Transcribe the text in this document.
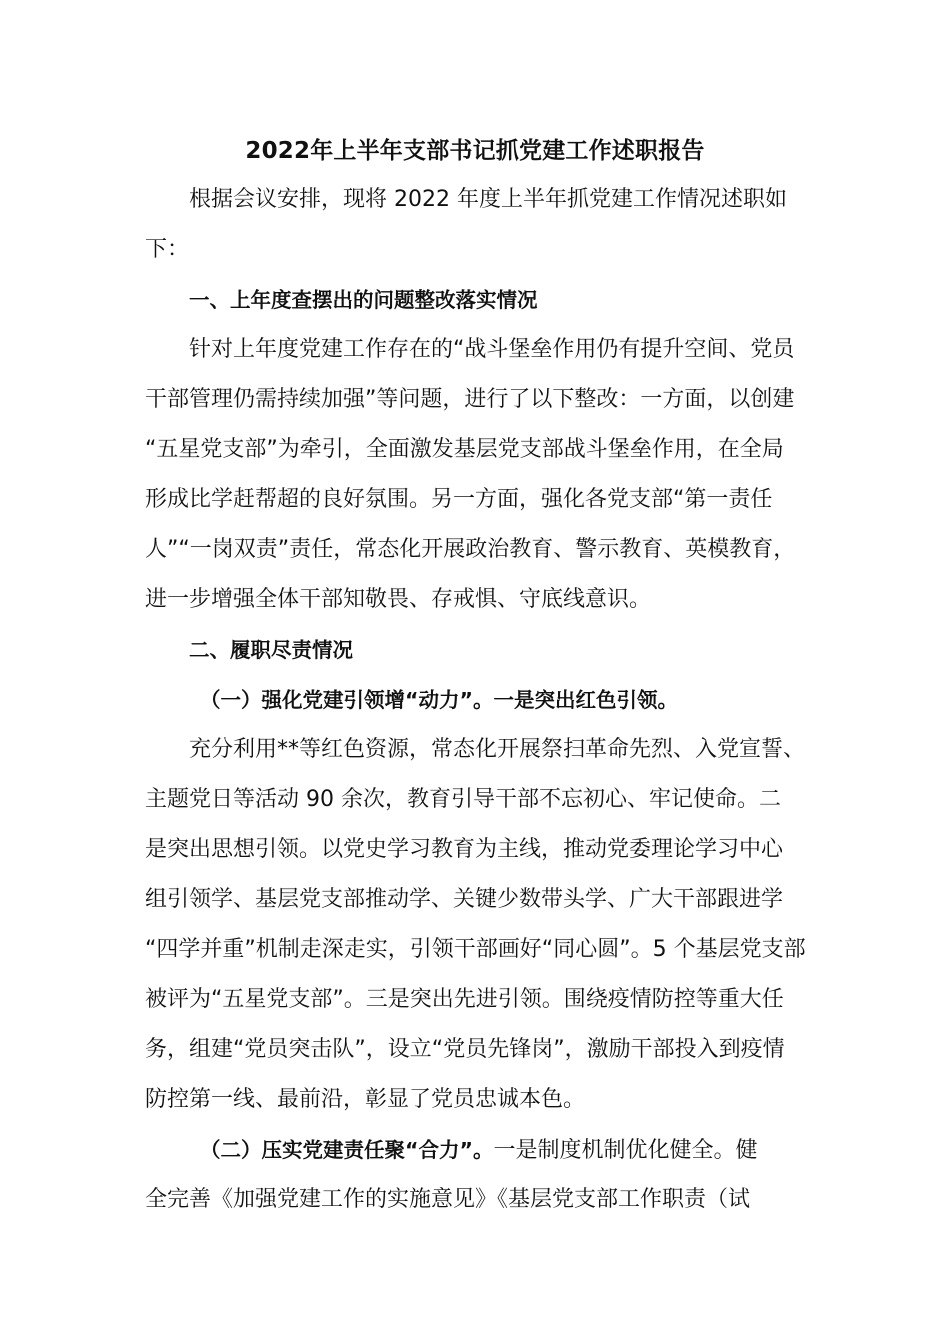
2022年上半年支部书记抓党建工作述职报告
根据会议安排，现将 2022 年度上半年抓党建工作情况述职如
下：
一、上年度查摆出的问题整改落实情况
针对上年度党建工作存在的“战斗堡垒作用仍有提升空间、党员
干部管理仍需持续加强”等问题，进行了以下整改：一方面，以创建
“五星党支部”为牵引，全面激发基层党支部战斗堡垒作用，在全局
形成比学赶帮超的良好氛围。另一方面，强化各党支部“第一责任
人”“一岗双责”责任，常态化开展政治教育、警示教育、英模教育，
进一步增强全体干部知敬畏、存戒惧、守底线意识。
二、履职尽责情况
（一）强化党建引领增“动力”。一是突出红色引领。
充分利用**等红色资源，常态化开展祭扫革命先烈、入党宣誓、
主题党日等活动 90 余次，教育引导干部不忘初心、牢记使命。二
是突出思想引领。以党史学习教育为主线，推动党委理论学习中心
组引领学、基层党支部推动学、关键少数带头学、广大干部跟进学
“四学并重”机制走深走实，引领干部画好“同心圆”。5 个基层党支部
被评为“五星党支部”。三是突出先进引领。围绕疫情防控等重大任
务，组建“党员突击队”，设立“党员先锋岗”，激励干部投入到疫情
防控第一线、最前沿，彰显了党员忠诚本色。
（二）压实党建责任聚“合力”。一是制度机制优化健全。健
全完善《加强党建工作的实施意见》《基层党支部工作职责（试
